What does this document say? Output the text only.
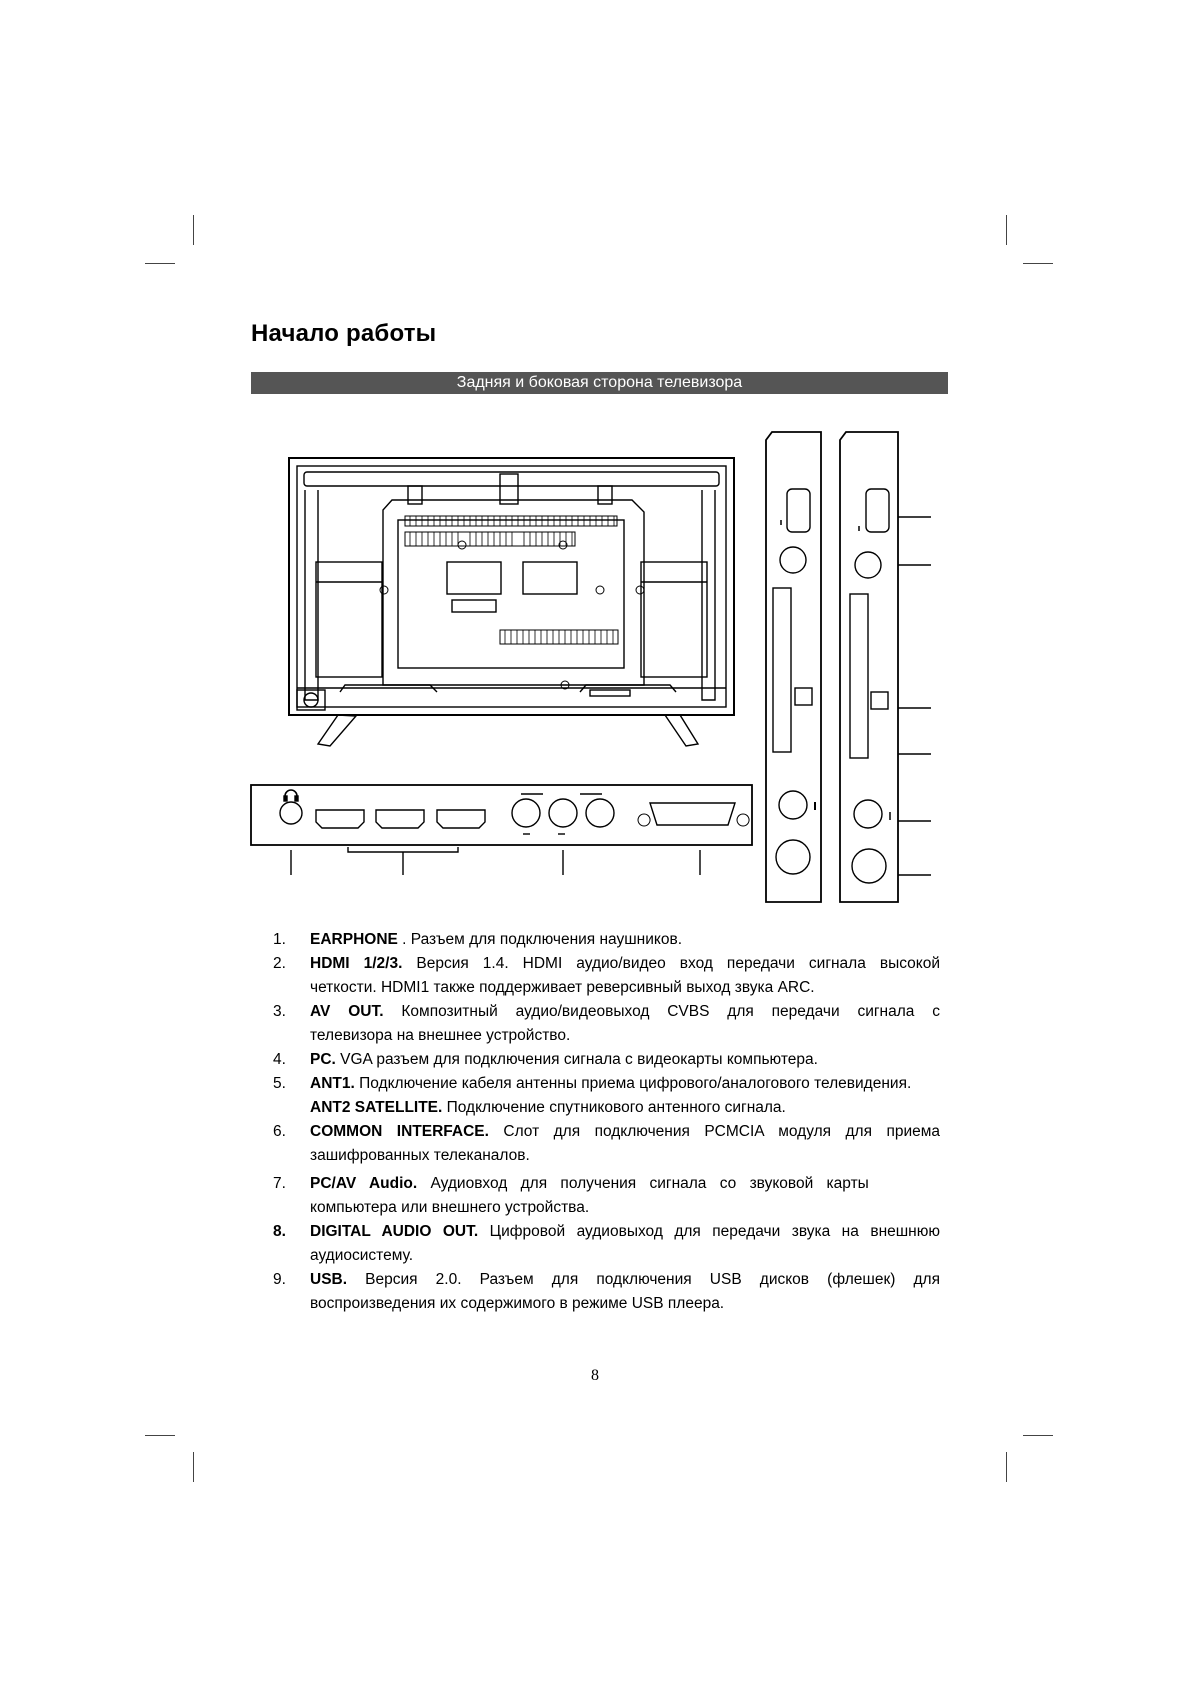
Начало работы
Задняя и боковая сторона телевизора
1.	EARPHONE . Разъем для подключения наушников.
2.	HDMI 1/2/3. Версия 1.4. HDMI аудио/видео вход передачи сигнала высокой
четкости. HDMI1 также поддерживает реверсивный выход звука ARC.
3.	AV OUT. Композитный аудио/видеовыход CVBS для передачи сигнала с
телевизора на внешнее устройство.
4.	PC. VGA разъем для подключения сигнала с видеокарты компьютера.
5.	ANT1. Подключение кабеля антенны приема цифрового/аналогового телевидения.
ANT2 SATELLITE. Подключение спутникового антенного сигнала.
6.	COMMON INTERFACE. Слот для подключения PCMCIA модуля для приема
зашифрованных телеканалов.
7.	PC/AV Audio. Аудиовход для получения сигнала со звуковой карты
компьютера или внешнего устройства.
8.	DIGITAL AUDIO OUT. Цифровой аудиовыход для передачи звука на внешнюю
аудиосистему.
9.	USB. Версия 2.0. Разъем для подключения USB дисков (флешек) для
воспроизведения их содержимого в режиме USB плеера.
8
